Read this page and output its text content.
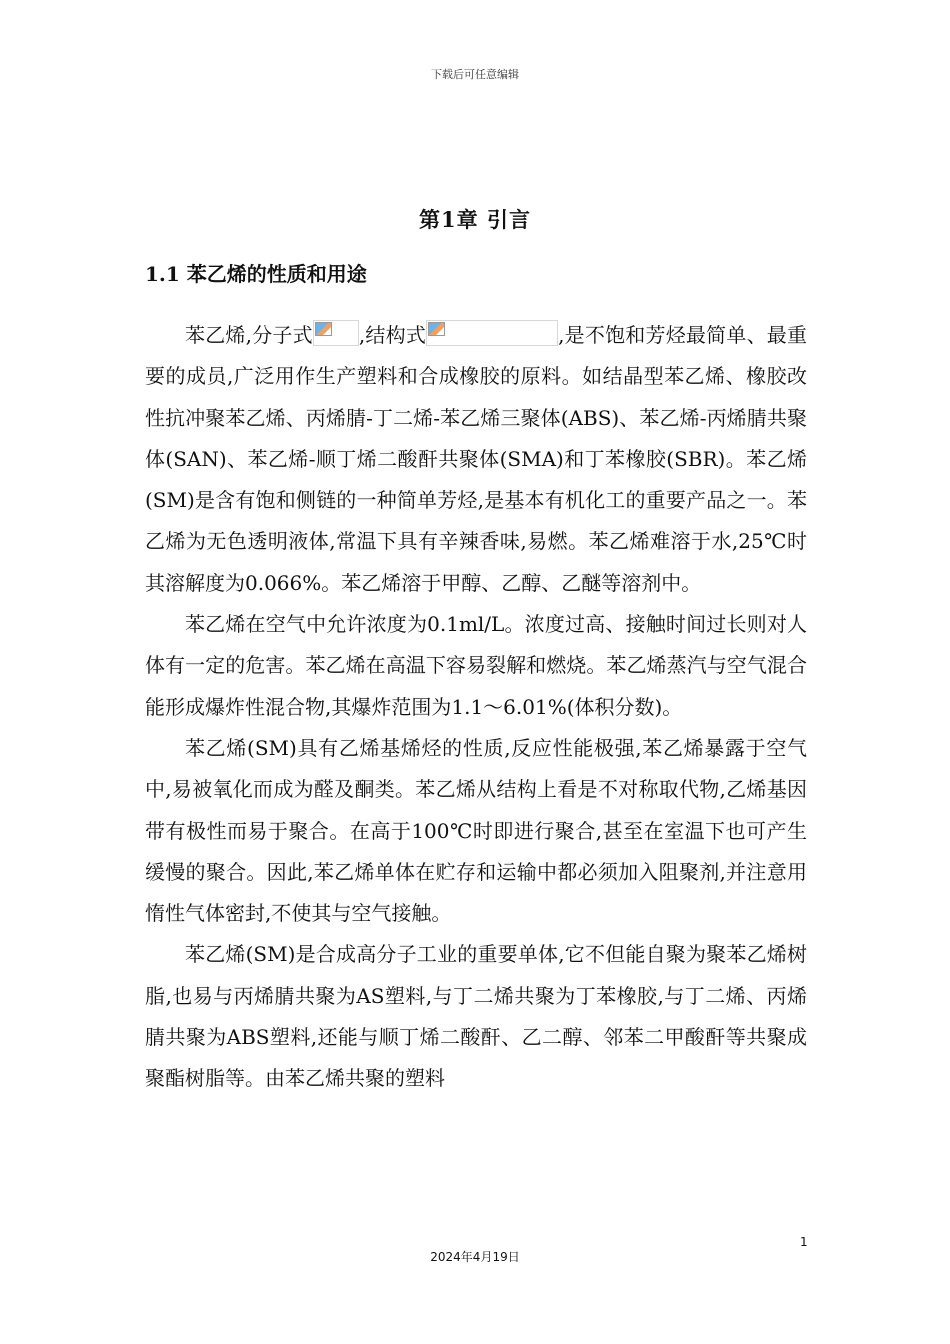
下载后可任意编辑
第1章 引言
1.1 苯乙烯的性质和用途

苯乙烯,分子式 ,结构式	,是不饱和芳烃最简单、最重要的成员,广泛用作生产塑料和合成橡胶的原料。如结晶型苯乙烯、橡胶改性抗冲聚苯乙烯、丙烯腈-丁二烯-苯乙烯三聚体(ABS)、苯乙烯-丙烯腈共聚体(SAN)、苯乙烯-顺丁烯二酸酐共聚体(SMA)和丁苯橡胶(SBR)。苯乙烯(SM)是含有饱和侧链的一种简单芳烃,是基本有机化工的重要产品之一。苯乙烯为无色透明液体,常温下具有辛辣香味,易燃。苯乙烯难溶于水,25℃时其溶解度为0.066%。苯乙烯溶于甲醇、乙醇、乙醚等溶剂中。

苯乙烯在空气中允许浓度为0.1ml/L。浓度过高、接触时间过长则对人体有一定的危害。苯乙烯在高温下容易裂解和燃烧。苯乙烯蒸汽与空气混合能形成爆炸性混合物,其爆炸范围为1.1～6.01%(体积分数)。

苯乙烯(SM)具有乙烯基烯烃的性质,反应性能极强,苯乙烯暴露于空气中,易被氧化而成为醛及酮类。苯乙烯从结构上看是不对称取代物,乙烯基因带有极性而易于聚合。在高于100℃时即进行聚合,甚至在室温下也可产生缓慢的聚合。因此,苯乙烯单体在贮存和运输中都必须加入阻聚剂,并注意用惰性气体密封,不使其与空气接触。

苯乙烯(SM)是合成高分子工业的重要单体,它不但能自聚为聚苯乙烯树脂,也易与丙烯腈共聚为AS塑料,与丁二烯共聚为丁苯橡胶,与丁二烯、丙烯腈共聚为ABS塑料,还能与顺丁烯二酸酐、乙二醇、邻苯二甲酸酐等共聚成聚酯树脂等。由苯乙烯共聚的塑料

1
2024年4月19日
